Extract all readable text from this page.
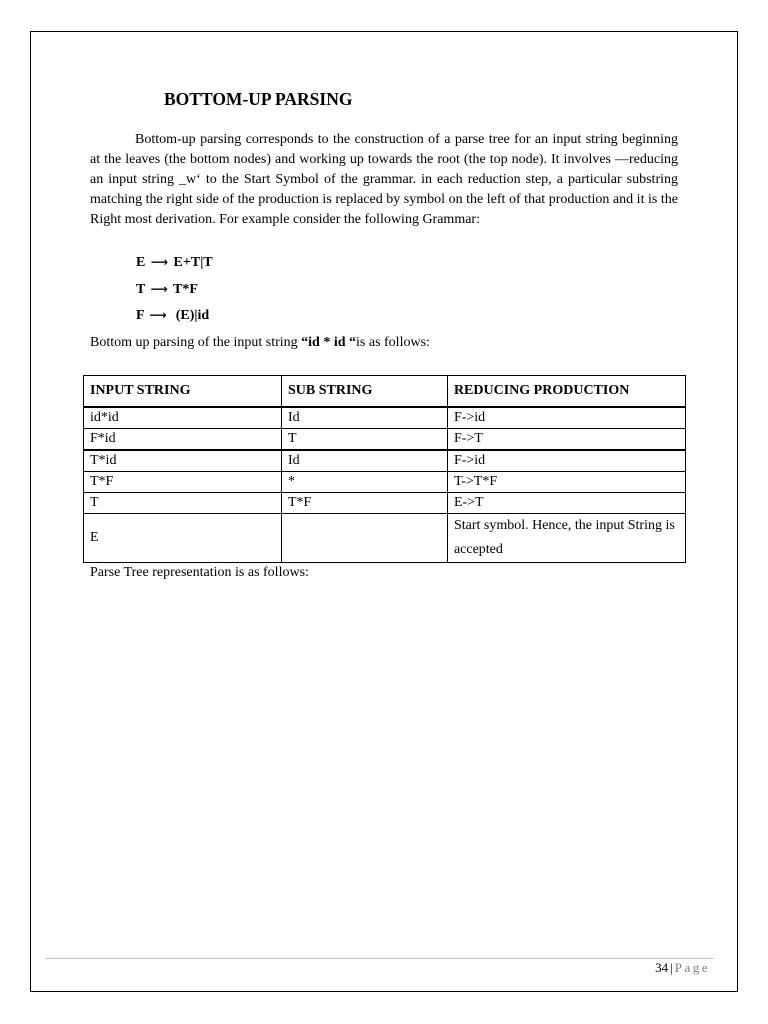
BOTTOM-UP PARSING

Bottom-up parsing corresponds to the construction of a parse tree for an input string beginning at the leaves (the bottom nodes) and working up towards the root (the top node). It involves —reducing an input string _w‘ to the Start Symbol of the grammar. in each reduction step, a particular substring matching the right side of the production is replaced by symbol on the left of that production and it is the Right most derivation. For example consider the following Grammar:

E ⟶ E+T|T
T ⟶ T*F
F ⟶  (E)|id
Bottom up parsing of the input string “id * id “is as follows:
INPUT STRING	SUB STRING	REDUCING PRODUCTION
id*id	Id	F->id
F*id	T	F->T
T*id	Id	F->id
T*F	*	T->T*F
T	T*F	E->T
E		Start symbol. Hence, the input String is accepted
Parse Tree representation is as follows:
34 | Page
